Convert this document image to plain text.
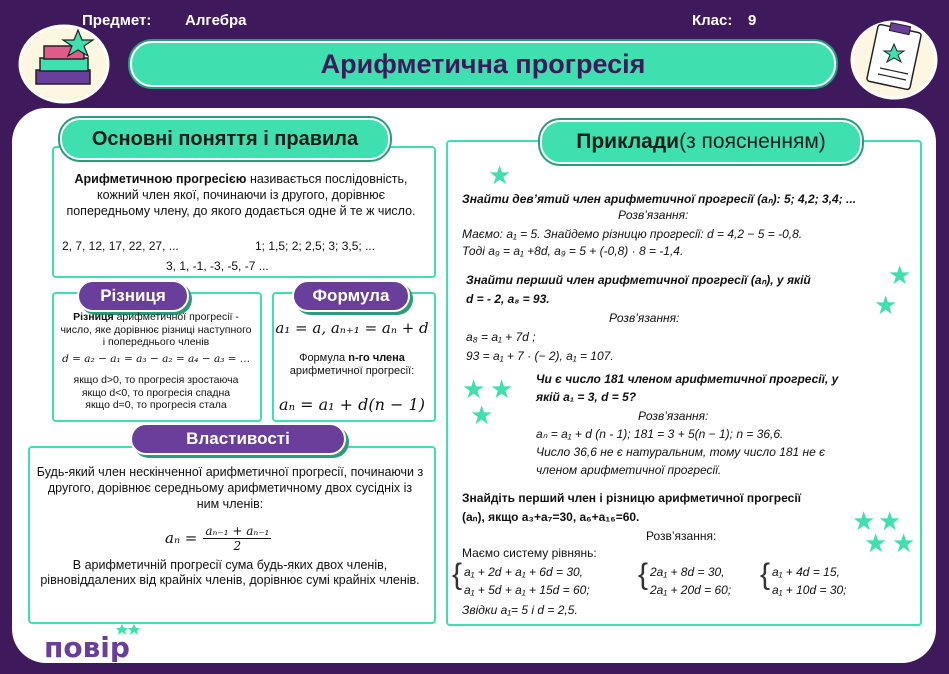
Предмет: Алгебра	Клас: 9
Арифметична прогресія
Основні поняття і правила
Арифметичною прогресією називається послідовність, кожний член якої, починаючи із другого, дорівнює попередньому члену, до якого додається одне й те ж число.
2, 7, 12, 17, 22, 27, ...	1; 1,5; 2; 2,5; 3; 3,5; ...
3, 1, -1, -3, -5, -7 ...
Різниця
Різниця арифметичної прогресії - число, яке дорівнює різниці наступного і попереднього членів
d = a₂ − a₁ = a₃ − a₂ = a₄ − a₃ = ...
якщо d>0, то прогресія зростаюча
якщо d<0, то прогресія спадна
якщо d=0, то прогресія стала
Формула
a₁ = a, aₙ₊₁ = aₙ + d
Формула n-го члена арифметичної прогресії:
aₙ = a₁ + d(n − 1)
Властивості
Будь-який член нескінченної арифметичної прогресії, починаючи з другого, дорівнює середньому арифметичному двох сусідніх із ним членів:
$a_n = \frac{\text{aₙ₋₁ + aₙ₋₁}}{2}$
В арифметичній прогресії сума будь-яких двох членів, рівновіддалених від крайніх членів, дорівнює сумі крайніх членів.
Приклади (з поясненням)
★
★
★
★ ★
★
★ ★
★ ★
Знайти дев’ятий член арифметичної прогресії (aₙ): 5; 4,2; 3,4; ...
Розв’язання:
Маємо: a₁ = 5. Знайдемо різницю прогресії: d = 4,2 − 5 = -0,8.
Тоді a₉ = a₁ +8d, a₉ = 5 + (-0,8) · 8 = -1,4.
Знайти перший член арифметичної прогресії (aₙ), у якій
d = - 2, a₈ = 93.
Розв’язання:
a₈ = a₁ + 7d ;
93 = a₁ + 7 · (− 2), a₁ = 107.
Чи є число 181 членом арифметичної прогресії, у
якій a₁ = 3, d = 5?
Розв’язання:
aₙ = a₁ + d (n - 1); 181 = 3 + 5(n − 1); n = 36,6.
Число 36,6 не є натуральним, тому число 181 не є
членом арифметичної прогресії.
Знайдіть перший член і різницю арифметичної прогресії
(aₙ), якщо a₃+a₇=30, a₆+a₁₆=60.
Розв’язання:
Маємо систему рівнянь:
{ a₁ + 2d + a₁ + 6d = 30,
a₁ + 5d + a₁ + 15d = 60; { 2a₁ + 8d = 30,
2a₁ + 20d = 60; { a₁ + 4d = 15,
a₁ + 10d = 30;
Звідки a₁= 5 і d = 2,5.
повір
